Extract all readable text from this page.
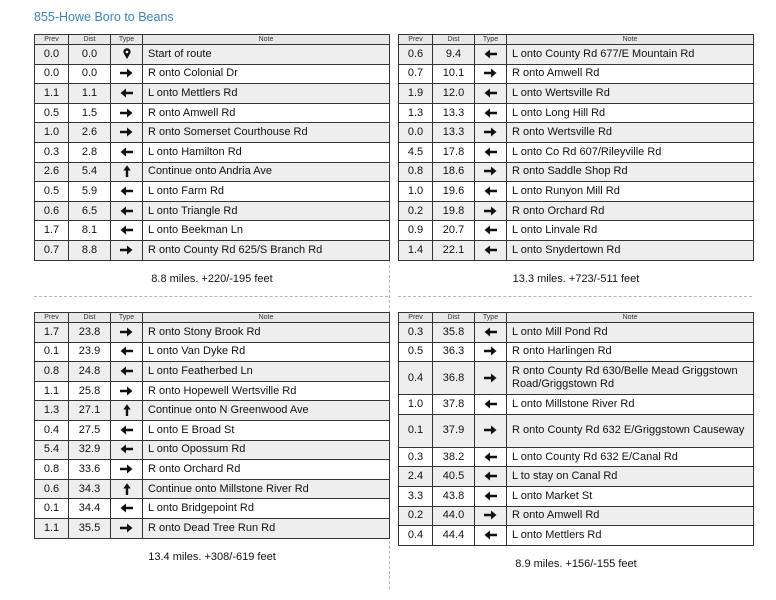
855-Howe Boro to Beans
Prev	Dist	Type	Note
0.0	0.0		Start of route
0.0	0.0		R onto Colonial Dr
1.1	1.1		L onto Mettlers Rd
0.5	1.5		R onto Amwell Rd
1.0	2.6		R onto Somerset Courthouse Rd
0.3	2.8		L onto Hamilton Rd
2.6	5.4		Continue onto Andria Ave
0.5	5.9		L onto Farm Rd
0.6	6.5		L onto Triangle Rd
1.7	8.1		L onto Beekman Ln
0.7	8.8		R onto County Rd 625/S Branch Rd
8.8 miles. +220/-195 feet
Prev	Dist	Type	Note
0.6	9.4		L onto County Rd 677/E Mountain Rd
0.7	10.1		R onto Amwell Rd
1.9	12.0		L onto Wertsville Rd
1.3	13.3		L onto Long Hill Rd
0.0	13.3		R onto Wertsville Rd
4.5	17.8		L onto Co Rd 607/Rileyville Rd
0.8	18.6		R onto Saddle Shop Rd
1.0	19.6		L onto Runyon Mill Rd
0.2	19.8		R onto Orchard Rd
0.9	20.7		L onto Linvale Rd
1.4	22.1		L onto Snydertown Rd
13.3 miles. +723/-511 feet
Prev	Dist	Type	Note
1.7	23.8		R onto Stony Brook Rd
0.1	23.9		L onto Van Dyke Rd
0.8	24.8		L onto Featherbed Ln
1.1	25.8		R onto Hopewell Wertsville Rd
1.3	27.1		Continue onto N Greenwood Ave
0.4	27.5		L onto E Broad St
5.4	32.9		L onto Opossum Rd
0.8	33.6		R onto Orchard Rd
0.6	34.3		Continue onto Millstone River Rd
0.1	34.4		L onto Bridgepoint Rd
1.1	35.5		R onto Dead Tree Run Rd
13.4 miles. +308/-619 feet
Prev	Dist	Type	Note
0.3	35.8		L onto Mill Pond Rd
0.5	36.3		R onto Harlingen Rd
0.4	36.8		R onto County Rd 630/Belle Mead Griggstown Road/Griggstown Rd
1.0	37.8		L onto Millstone River Rd
0.1	37.9		R onto County Rd 632 E/Griggstown Causeway
0.3	38.2		L onto County Rd 632 E/Canal Rd
2.4	40.5		L to stay on Canal Rd
3.3	43.8		L onto Market St
0.2	44.0		R onto Amwell Rd
0.4	44.4		L onto Mettlers Rd
8.9 miles. +156/-155 feet
